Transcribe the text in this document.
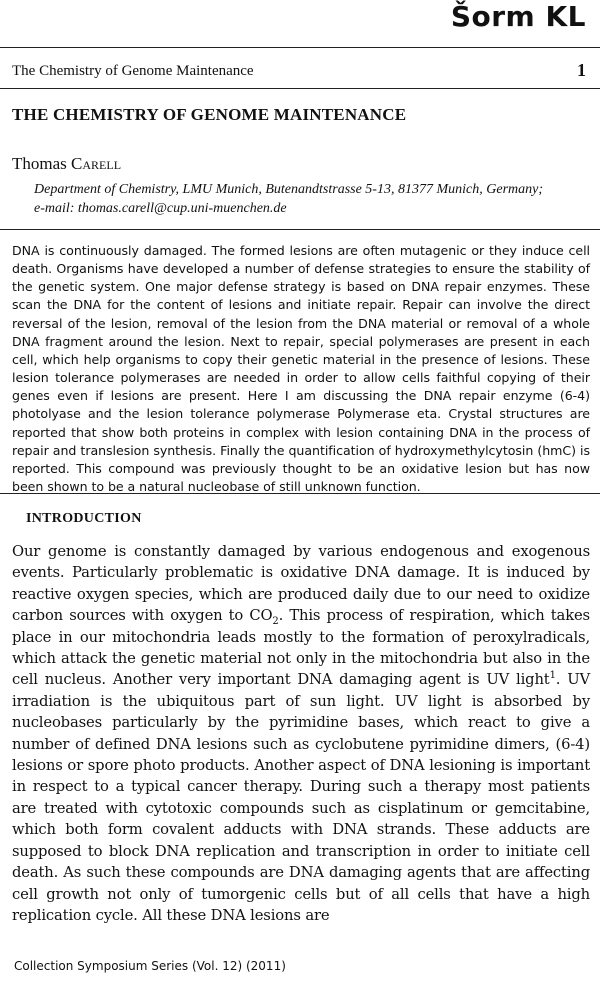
Šorm KL
The Chemistry of Genome Maintenance	1
THE CHEMISTRY OF GENOME MAINTENANCE
Thomas Carell
Department of Chemistry, LMU Munich, Butenandtstrasse 5-13, 81377 Munich, Germany;
e-mail: thomas.carell@cup.uni-muenchen.de
DNA is continuously damaged. The formed lesions are often mutagenic or they induce cell death. Organisms have developed a number of defense strategies to ensure the stability of the genetic system. One major defense strategy is based on DNA repair enzymes. These scan the DNA for the content of lesions and initiate repair. Repair can involve the direct reversal of the lesion, removal of the lesion from the DNA material or removal of a whole DNA fragment around the lesion. Next to repair, special polymerases are present in each cell, which help organisms to copy their genetic material in the presence of lesions. These lesion tolerance polymerases are needed in order to allow cells faithful copying of their genes even if lesions are present. Here I am discussing the DNA repair enzyme (6-4) photolyase and the lesion tolerance polymerase Polymerase eta. Crystal structures are reported that show both proteins in complex with lesion containing DNA in the process of repair and translesion synthesis. Finally the quantification of hydroxymethylcytosin (hmC) is reported. This compound was previously thought to be an oxidative lesion but has now been shown to be a natural nucleobase of still unknown function.
INTRODUCTION
Our genome is constantly damaged by various endogenous and exogenous events. Particularly problematic is oxidative DNA damage. It is induced by reactive oxygen species, which are produced daily due to our need to oxidize carbon sources with oxygen to $CO_2$. This process of respiration, which takes place in our mitochondria leads mostly to the formation of peroxylradicals, which attack the genetic material not only in the mitochondria but also in the cell nucleus. Another very important DNA damaging agent is UV light$^1$. UV irradiation is the ubiquitous part of sun light. UV light is absorbed by nucleobases particularly by the pyrimidine bases, which react to give a number of defined DNA lesions such as cyclobutene pyrimidine dimers, (6-4) lesions or spore photo products. Another aspect of DNA lesioning is important in respect to a typical cancer therapy. During such a therapy most patients are treated with cytotoxic compounds such as cisplatinum or gemcitabine, which both form covalent adducts with DNA strands. These adducts are supposed to block DNA replication and transcription in order to initiate cell death. As such these compounds are DNA damaging agents that are affecting cell growth not only of tumorgenic cells but of all cells that have a high replication cycle. All these DNA lesions are
Collection Symposium Series (Vol. 12) (2011)
